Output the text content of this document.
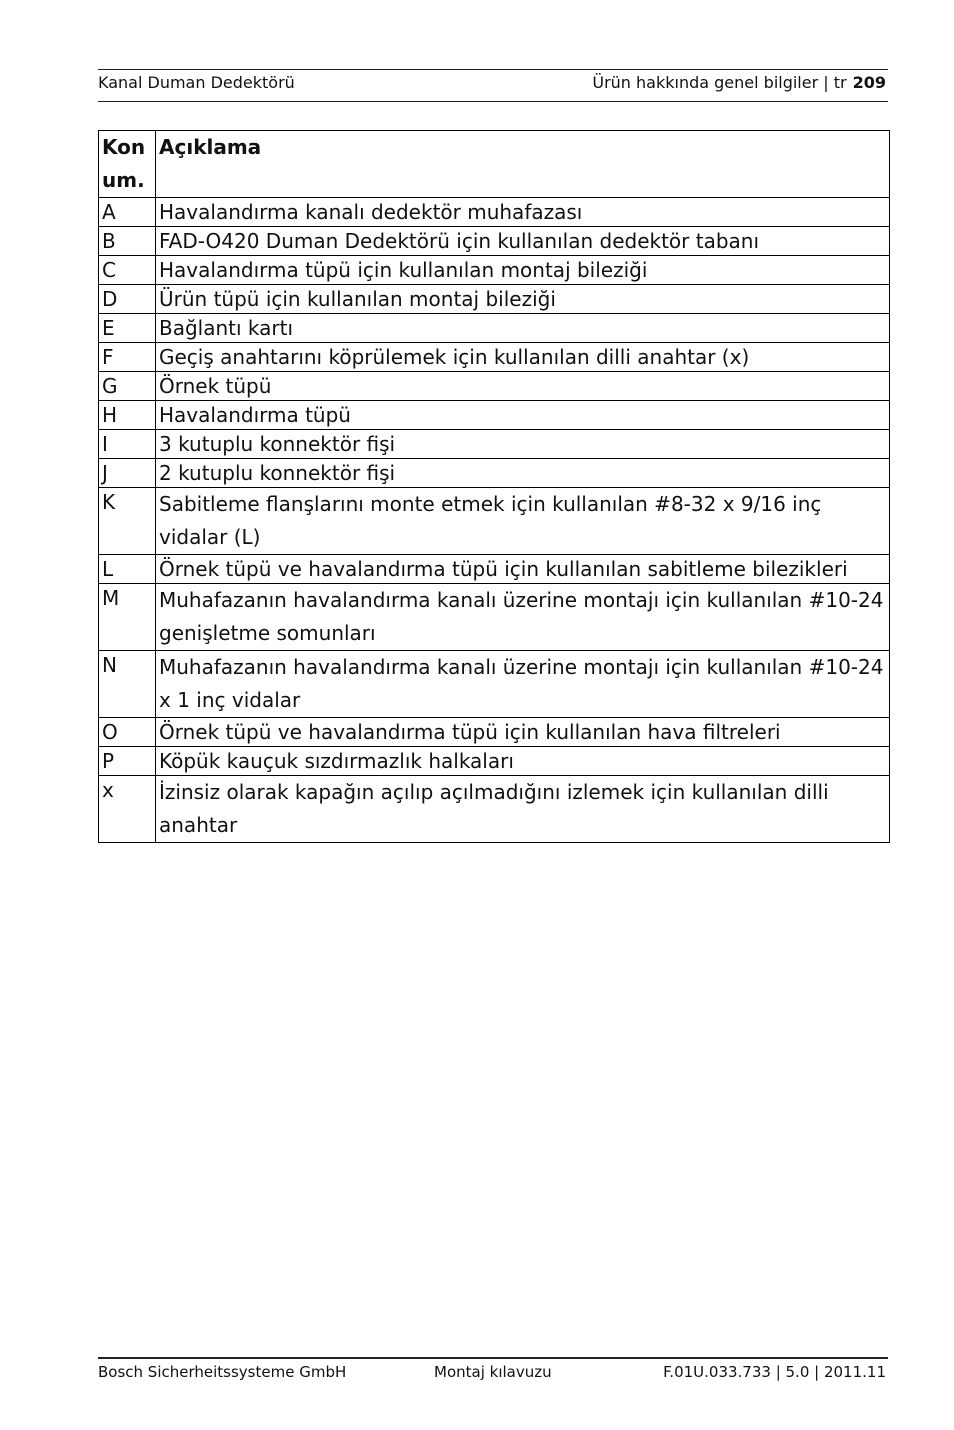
Kanal Duman Dedektörü	Ürün hakkında genel bilgiler | tr 209
Kon um.	Açıklama
A	Havalandırma kanalı dedektör muhafazası
B	FAD-O420 Duman Dedektörü için kullanılan dedektör tabanı
C	Havalandırma tüpü için kullanılan montaj bileziği
D	Ürün tüpü için kullanılan montaj bileziği
E	Bağlantı kartı
F	Geçiş anahtarını köprülemek için kullanılan dilli anahtar (x)
G	Örnek tüpü
H	Havalandırma tüpü
I	3 kutuplu konnektör fişi
J	2 kutuplu konnektör fişi
K	Sabitleme flanşlarını monte etmek için kullanılan #8-32 x 9/16 inç vidalar (L)
L	Örnek tüpü ve havalandırma tüpü için kullanılan sabitleme bilezikleri
M	Muhafazanın havalandırma kanalı üzerine montajı için kullanılan #10-24 genişletme somunları
N	Muhafazanın havalandırma kanalı üzerine montajı için kullanılan #10-24 x 1 inç vidalar
O	Örnek tüpü ve havalandırma tüpü için kullanılan hava filtreleri
P	Köpük kauçuk sızdırmazlık halkaları
x	İzinsiz olarak kapağın açılıp açılmadığını izlemek için kullanılan dilli anahtar
Bosch Sicherheitssysteme GmbH	Montaj kılavuzu	F.01U.033.733 | 5.0 | 2011.11
